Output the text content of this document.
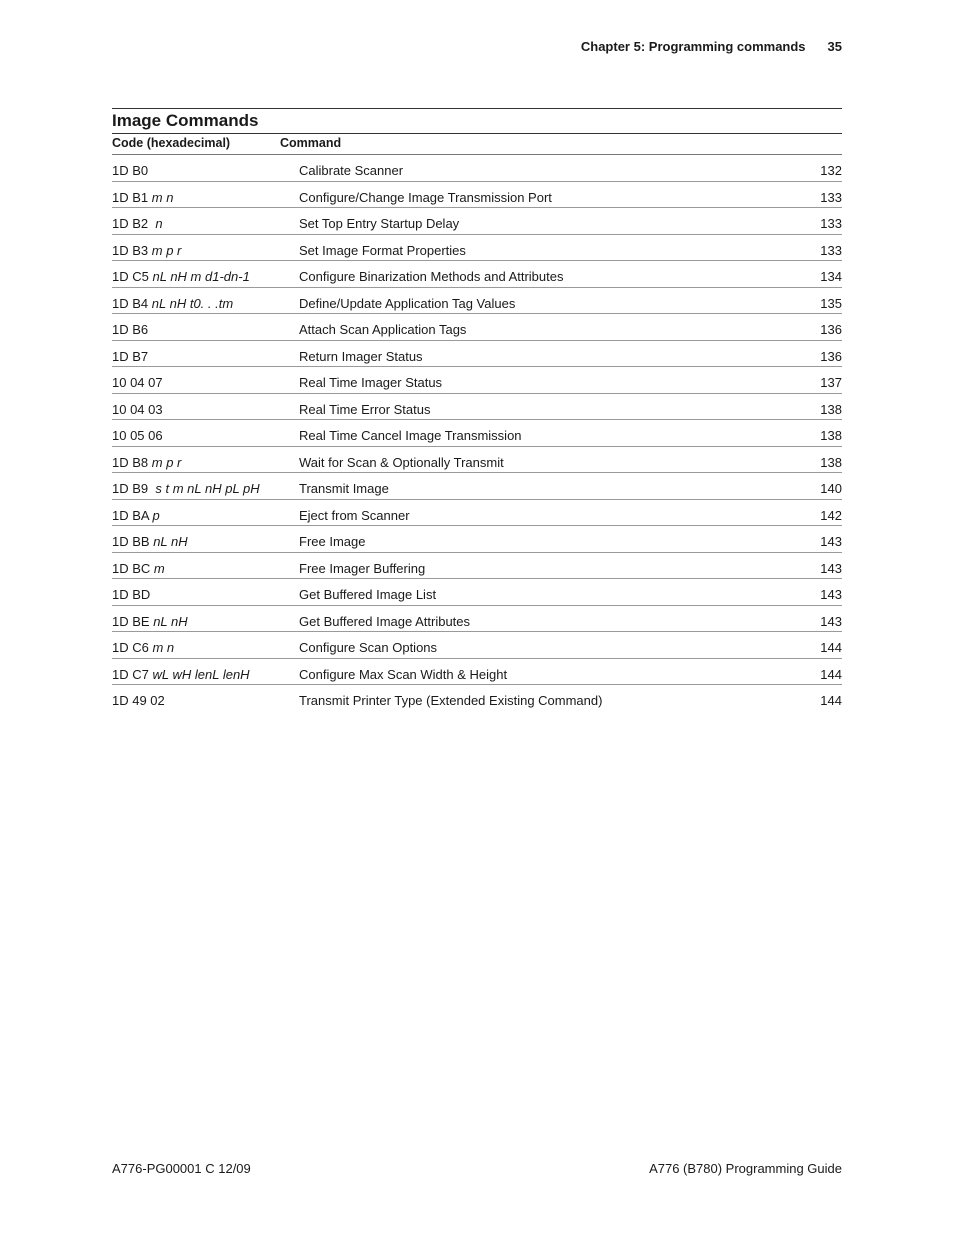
Chapter 5: Programming commands 35
Image Commands
Code (hexadecimal)	Command
1D B0	Calibrate Scanner	132
1D B1 m n	Configure/Change Image Transmission Port	133
1D B2  n	Set Top Entry Startup Delay	133
1D B3 m p r	Set Image Format Properties	133
1D C5 nL nH m d1-dn-1	Configure Binarization Methods and Attributes	134
1D B4 nL nH t0. . .tm	Define/Update Application Tag Values	135
1D B6	Attach Scan Application Tags	136
1D B7	Return Imager Status	136
10 04 07	Real Time Imager Status	137
10 04 03	Real Time Error Status	138
10 05 06	Real Time Cancel Image Transmission	138
1D B8 m p r	Wait for Scan & Optionally Transmit	138
1D B9  s t m nL nH pL pH	Transmit Image	140
1D BA p	Eject from Scanner	142
1D BB nL nH	Free Image	143
1D BC m	Free Imager Buffering	143
1D BD	Get Buffered Image List	143
1D BE nL nH	Get Buffered Image Attributes	143
1D C6 m n	Configure Scan Options	144
1D C7 wL wH lenL lenH	Configure Max Scan Width & Height	144
1D 49 02	Transmit Printer Type (Extended Existing Command)	144
A776-PG00001 C 12/09	A776 (B780) Programming Guide
